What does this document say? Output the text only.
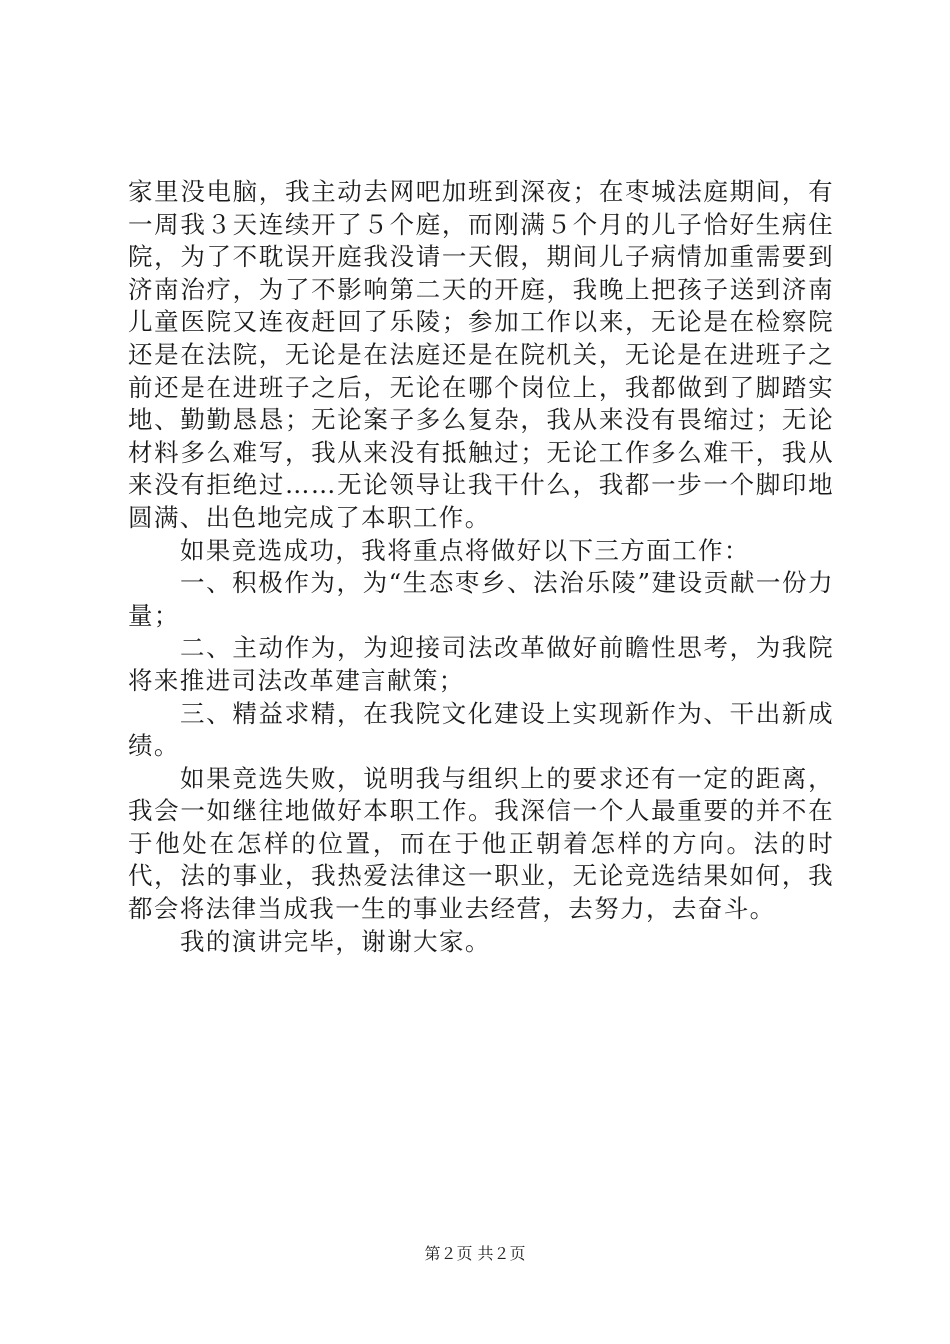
家里没电脑，我主动去网吧加班到深夜；在枣城法庭期间，有一周我３天连续开了５个庭，而刚满５个月的儿子恰好生病住院，为了不耽误开庭我没请一天假，期间儿子病情加重需要到济南治疗，为了不影响第二天的开庭，我晚上把孩子送到济南儿童医院又连夜赶回了乐陵；参加工作以来，无论是在检察院还是在法院，无论是在法庭还是在院机关，无论是在进班子之前还是在进班子之后，无论在哪个岗位上，我都做到了脚踏实地、勤勤恳恳；无论案子多么复杂，我从来没有畏缩过；无论材料多么难写，我从来没有抵触过；无论工作多么难干，我从来没有拒绝过……无论领导让我干什么，我都一步一个脚印地圆满、出色地完成了本职工作。

如果竞选成功，我将重点将做好以下三方面工作：

一、积极作为，为“生态枣乡、法治乐陵”建设贡献一份力量；

二、主动作为，为迎接司法改革做好前瞻性思考，为我院将来推进司法改革建言献策；

三、精益求精，在我院文化建设上实现新作为、干出新成绩。

如果竞选失败，说明我与组织上的要求还有一定的距离，我会一如继往地做好本职工作。我深信一个人最重要的并不在于他处在怎样的位置，而在于他正朝着怎样的方向。法的时代，法的事业，我热爱法律这一职业，无论竞选结果如何，我都会将法律当成我一生的事业去经营，去努力，去奋斗。

我的演讲完毕，谢谢大家。

第２页 共２页
